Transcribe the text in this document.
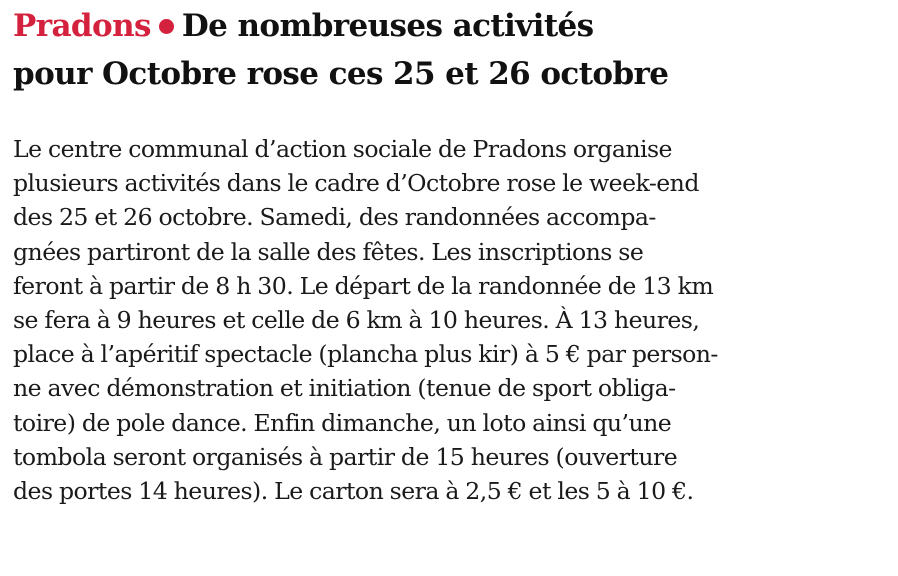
Pradons De nombreuses activités
pour Octobre rose ces 25 et 26 octobre

Le centre communal d’action sociale de Pradons organise
plusieurs activités dans le cadre d’Octobre rose le week-end
des 25 et 26 octobre. Samedi, des randonnées accompa-
gnées partiront de la salle des fêtes. Les inscriptions se
feront à partir de 8 h 30. Le départ de la randonnée de 13 km
se fera à 9 heures et celle de 6 km à 10 heures. À 13 heures,
place à l’apéritif spectacle (plancha plus kir) à 5 € par person-
ne avec démonstration et initiation (tenue de sport obliga-
toire) de pole dance. Enfin dimanche, un loto ainsi qu’une
tombola seront organisés à partir de 15 heures (ouverture
des portes 14 heures). Le carton sera à 2,5 € et les 5 à 10 €.
